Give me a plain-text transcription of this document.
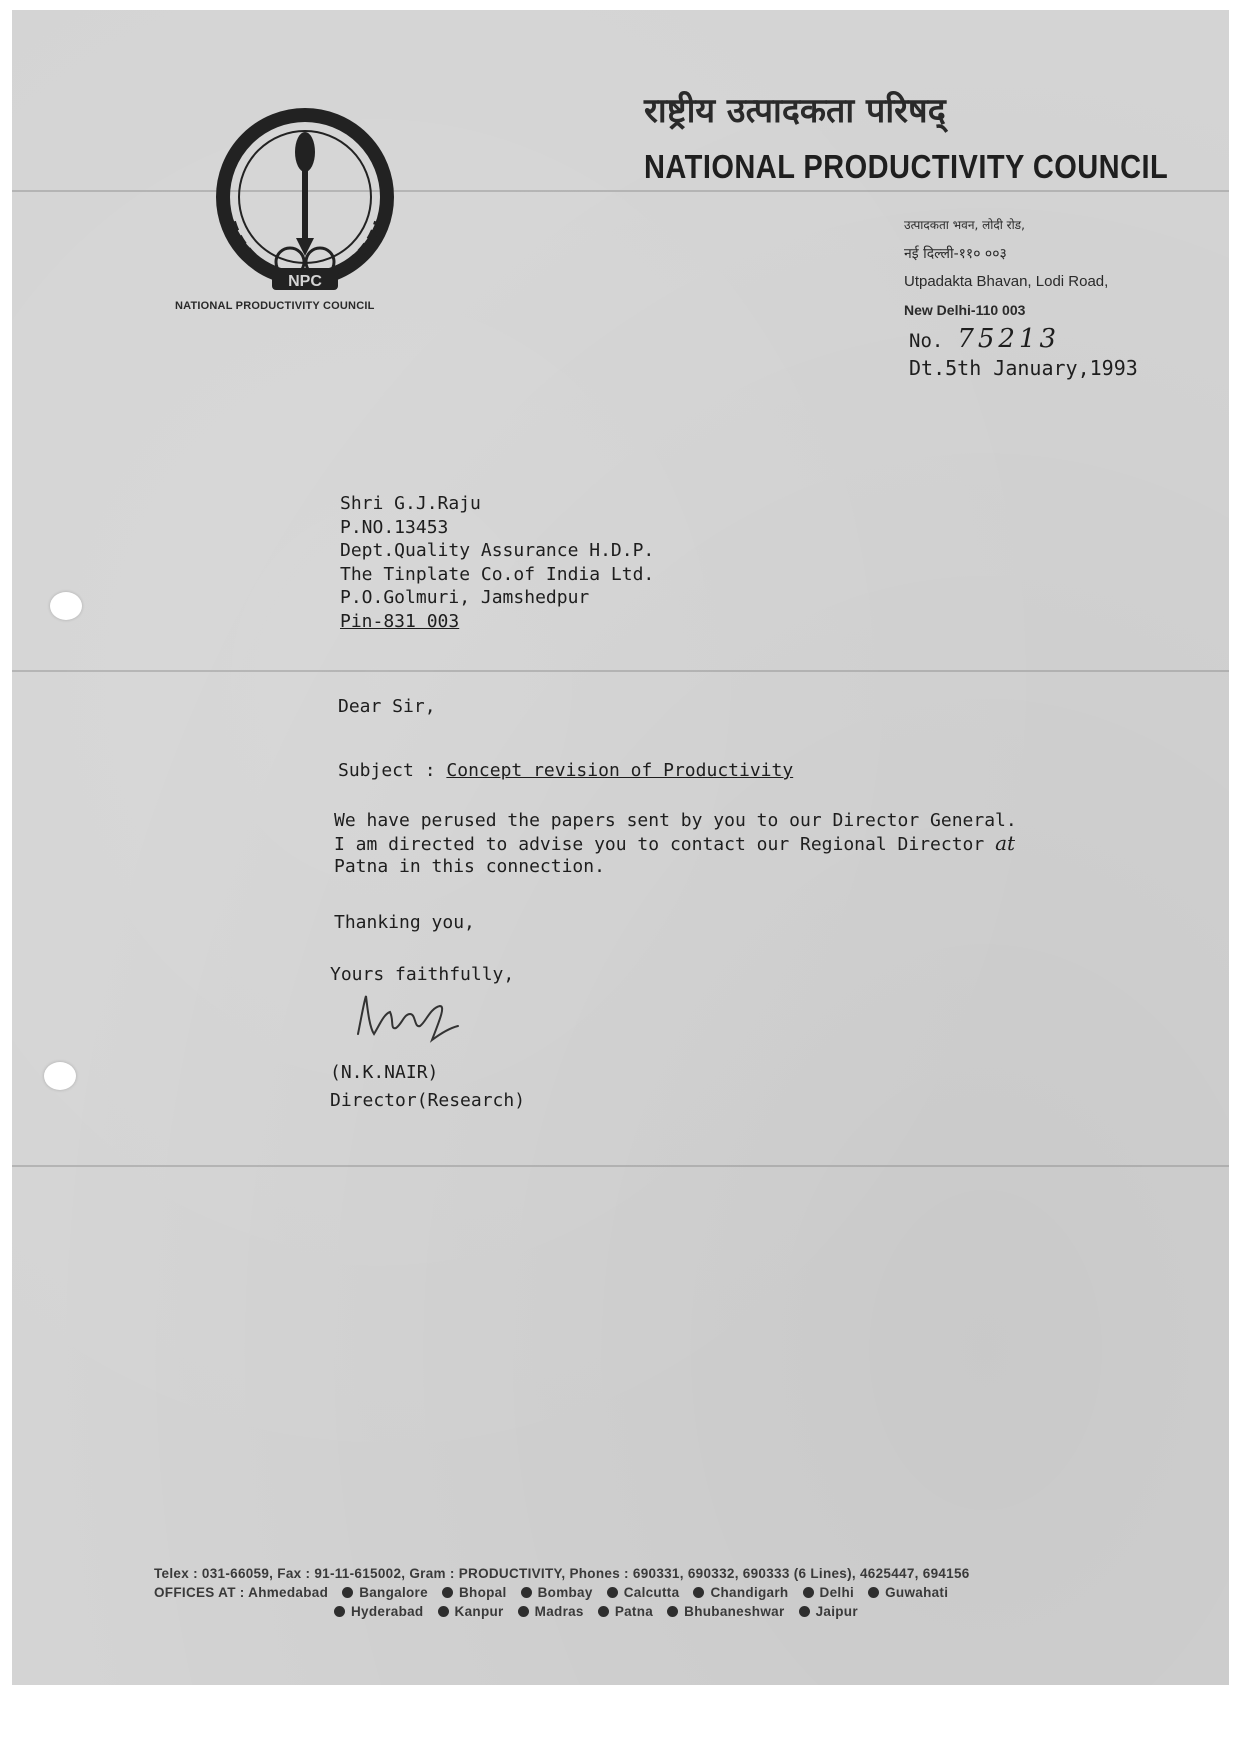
NPC
NATIONAL PRODUCTIVITY COUNCIL
राष्ट्रीय उत्पादकता परिषद्
NATIONAL PRODUCTIVITY COUNCIL
उत्पादकता भवन, लोदी रोड,
नई दिल्ली-११० ००३
Utpadakta Bhavan, Lodi Road,
New Delhi-110 003
No. 75213
Dt.5th January,1993
Shri G.J.Raju
P.NO.13453
Dept.Quality Assurance H.D.P.
The Tinplate Co.of India Ltd.
P.O.Golmuri, Jamshedpur
Pin-831 003
Dear Sir,
Subject : Concept revision of Productivity
We have perused the papers sent by you to our Director General.
I am directed to advise you to contact our Regional Director at
Patna in this connection.
Thanking you,
Yours faithfully,
(N.K.NAIR)
Director(Research)
Telex : 031-66059, Fax : 91-11-615002, Gram : PRODUCTIVITY, Phones : 690331, 690332, 690333 (6 Lines), 4625447, 694156
OFFICES AT : Ahmedabad Bangalore Bhopal Bombay Calcutta Chandigarh Delhi Guwahati
Hyderabad Kanpur Madras Patna Bhubaneshwar Jaipur
